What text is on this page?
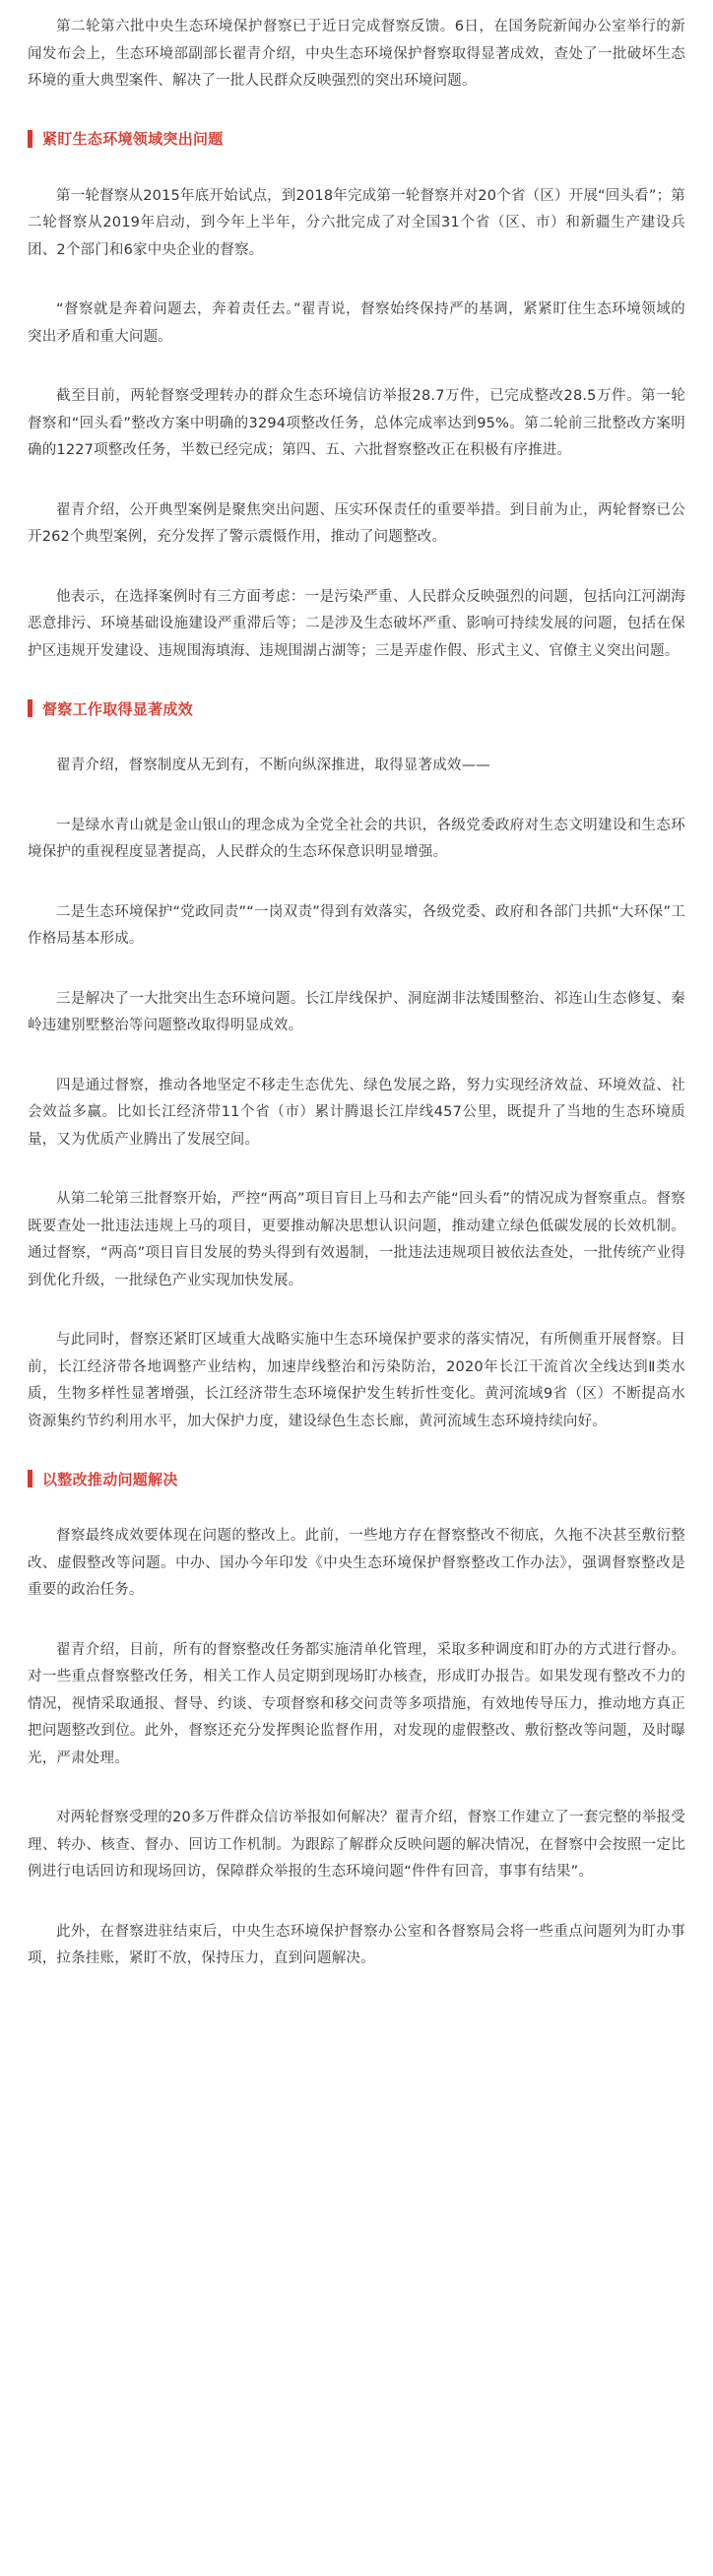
第二轮第六批中央生态环境保护督察已于近日完成督察反馈。6日，在国务院新闻办公室举行的新闻发布会上，生态环境部副部长翟青介绍，中央生态环境保护督察取得显著成效，查处了一批破坏生态环境的重大典型案件、解决了一批人民群众反映强烈的突出环境问题。

紧盯生态环境领域突出问题

第一轮督察从2015年底开始试点，到2018年完成第一轮督察并对20个省（区）开展“回头看”；第二轮督察从2019年启动，到今年上半年，分六批完成了对全国31个省（区、市）和新疆生产建设兵团、2个部门和6家中央企业的督察。

“督察就是奔着问题去，奔着责任去。”翟青说，督察始终保持严的基调，紧紧盯住生态环境领域的突出矛盾和重大问题。

截至目前，两轮督察受理转办的群众生态环境信访举报28.7万件，已完成整改28.5万件。第一轮督察和“回头看”整改方案中明确的3294项整改任务，总体完成率达到95%。第二轮前三批整改方案明确的1227项整改任务，半数已经完成；第四、五、六批督察整改正在积极有序推进。

翟青介绍，公开典型案例是聚焦突出问题、压实环保责任的重要举措。到目前为止，两轮督察已公开262个典型案例，充分发挥了警示震慑作用，推动了问题整改。

他表示，在选择案例时有三方面考虑：一是污染严重、人民群众反映强烈的问题，包括向江河湖海恶意排污、环境基础设施建设严重滞后等；二是涉及生态破坏严重、影响可持续发展的问题，包括在保护区违规开发建设、违规围海填海、违规围湖占湖等；三是弄虚作假、形式主义、官僚主义突出问题。

督察工作取得显著成效

翟青介绍，督察制度从无到有，不断向纵深推进，取得显著成效——

一是绿水青山就是金山银山的理念成为全党全社会的共识，各级党委政府对生态文明建设和生态环境保护的重视程度显著提高，人民群众的生态环保意识明显增强。

二是生态环境保护“党政同责”“一岗双责”得到有效落实，各级党委、政府和各部门共抓“大环保”工作格局基本形成。

三是解决了一大批突出生态环境问题。长江岸线保护、洞庭湖非法矮围整治、祁连山生态修复、秦岭违建别墅整治等问题整改取得明显成效。

四是通过督察，推动各地坚定不移走生态优先、绿色发展之路，努力实现经济效益、环境效益、社会效益多赢。比如长江经济带11个省（市）累计腾退长江岸线457公里，既提升了当地的生态环境质量，又为优质产业腾出了发展空间。

从第二轮第三批督察开始，严控“两高”项目盲目上马和去产能“回头看”的情况成为督察重点。督察既要查处一批违法违规上马的项目，更要推动解决思想认识问题，推动建立绿色低碳发展的长效机制。通过督察，“两高”项目盲目发展的势头得到有效遏制，一批违法违规项目被依法查处，一批传统产业得到优化升级，一批绿色产业实现加快发展。

与此同时，督察还紧盯区域重大战略实施中生态环境保护要求的落实情况，有所侧重开展督察。目前，长江经济带各地调整产业结构，加速岸线整治和污染防治，2020年长江干流首次全线达到Ⅱ类水质，生物多样性显著增强，长江经济带生态环境保护发生转折性变化。黄河流域9省（区）不断提高水资源集约节约利用水平，加大保护力度，建设绿色生态长廊，黄河流域生态环境持续向好。

以整改推动问题解决

督察最终成效要体现在问题的整改上。此前，一些地方存在督察整改不彻底，久拖不决甚至敷衍整改、虚假整改等问题。中办、国办今年印发《中央生态环境保护督察整改工作办法》，强调督察整改是重要的政治任务。

翟青介绍，目前，所有的督察整改任务都实施清单化管理，采取多种调度和盯办的方式进行督办。对一些重点督察整改任务，相关工作人员定期到现场盯办核查，形成盯办报告。如果发现有整改不力的情况，视情采取通报、督导、约谈、专项督察和移交问责等多项措施，有效地传导压力，推动地方真正把问题整改到位。此外，督察还充分发挥舆论监督作用，对发现的虚假整改、敷衍整改等问题，及时曝光，严肃处理。

对两轮督察受理的20多万件群众信访举报如何解决？翟青介绍，督察工作建立了一套完整的举报受理、转办、核查、督办、回访工作机制。为跟踪了解群众反映问题的解决情况，在督察中会按照一定比例进行电话回访和现场回访，保障群众举报的生态环境问题“件件有回音，事事有结果”。

此外，在督察进驻结束后，中央生态环境保护督察办公室和各督察局会将一些重点问题列为盯办事项，拉条挂账，紧盯不放，保持压力，直到问题解决。
